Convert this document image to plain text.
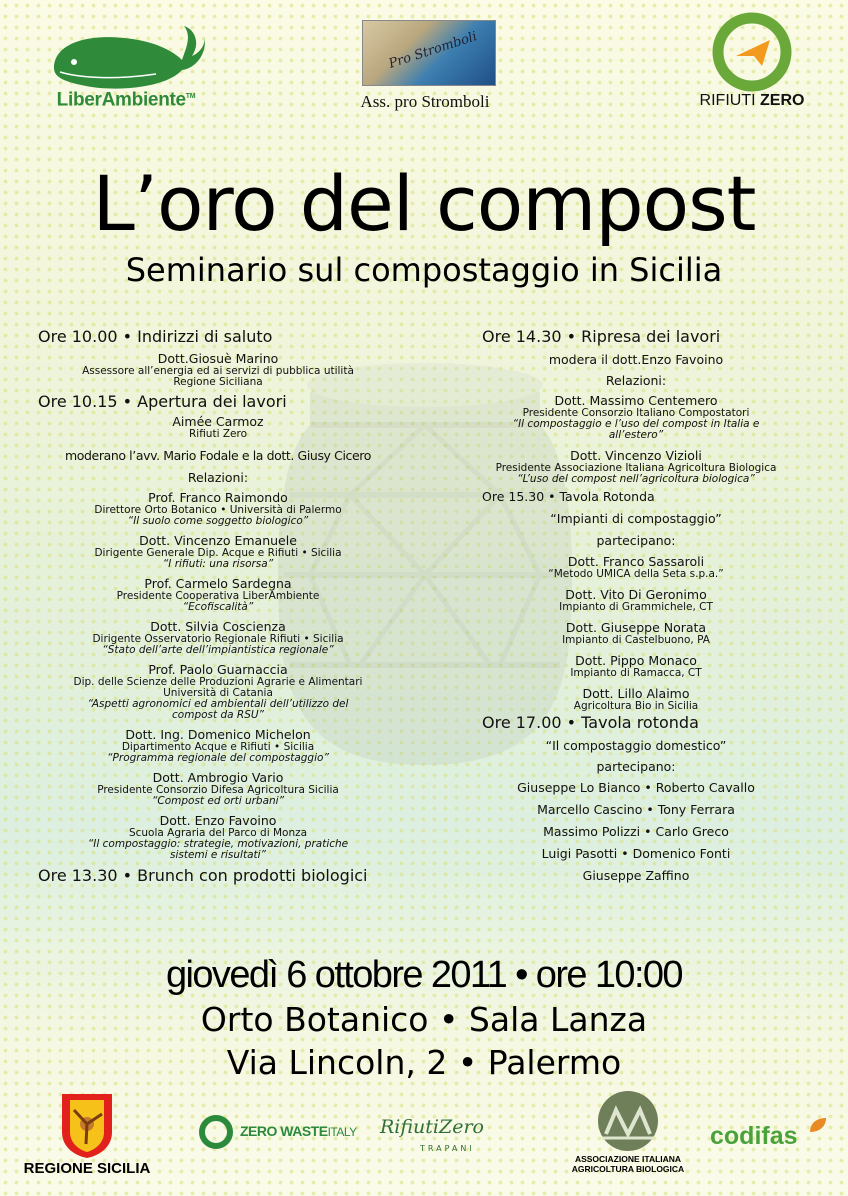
LiberAmbiente™
Pro Stromboli
Ass. pro Stromboli	RIFIUTI ZERO
L’oro del compost
Seminario sul compostaggio in Sicilia
Ore 10.00 • Indirizzi di saluto
Dott.Giosuè Marino
Assessore all’energia ed ai servizi di pubblica utilità
Regione Siciliana
Ore 10.15 • Apertura dei lavori
Aimée Carmoz
Rifiuti Zero
moderano l’avv. Mario Fodale e la dott. Giusy Cicero
Relazioni:
Prof. Franco Raimondo
Direttore Orto Botanico • Università di Palermo
“Il suolo come soggetto biologico”
Dott. Vincenzo Emanuele
Dirigente Generale Dip. Acque e Rifiuti • Sicilia
“I rifiuti: una risorsa”
Prof. Carmelo Sardegna
Presidente Cooperativa LiberAmbiente
“Ecofiscalità”
Dott. Silvia Coscienza
Dirigente Osservatorio Regionale Rifiuti • Sicilia
“Stato dell’arte dell’impiantistica regionale”
Prof. Paolo Guarnaccia
Dip. delle Scienze delle Produzioni Agrarie e Alimentari
Università di Catania
“Aspetti agronomici ed ambientali dell’utilizzo del
compost da RSU”
Dott. Ing. Domenico Michelon
Dipartimento Acque e Rifiuti • Sicilia
“Programma regionale del compostaggio”
Dott. Ambrogio Vario
Presidente Consorzio Difesa Agricoltura Sicilia
“Compost ed orti urbani”
Dott. Enzo Favoino
Scuola Agraria del Parco di Monza
“Il compostaggio: strategie, motivazioni, pratiche
sistemi e risultati”
Ore 13.30 • Brunch con prodotti biologici
Ore 14.30 • Ripresa dei lavori
modera il dott.Enzo Favoino
Relazioni:
Dott. Massimo Centemero
Presidente Consorzio Italiano Compostatori
“Il compostaggio e l’uso del compost in Italia e
all’estero”
Dott. Vincenzo Vizioli
Presidente Associazione Italiana Agricoltura Biologica
“L’uso del compost nell’agricoltura biologica”
Ore 15.30 • Tavola Rotonda
“Impianti di compostaggio”
partecipano:
Dott. Franco Sassaroli
“Metodo UMICA della Seta s.p.a.”
Dott. Vito Di Geronimo
Impianto di Grammichele, CT
Dott. Giuseppe Norata
Impianto di Castelbuono, PA
Dott. Pippo Monaco
Impianto di Ramacca, CT
Dott. Lillo Alaimo
Agricoltura Bio in Sicilia
Ore 17.00 • Tavola rotonda
“Il compostaggio domestico”
partecipano:
Giuseppe Lo Bianco • Roberto Cavallo
Marcello Cascino • Tony Ferrara
Massimo Polizzi • Carlo Greco
Luigi Pasotti • Domenico Fonti
Giuseppe Zaffino
giovedì 6 ottobre 2011 • ore 10:00
Orto Botanico • Sala Lanza
Via Lincoln, 2 • Palermo
REGIONE SICILIA
ZERO WASTEITALY RifiutiZero
TRAPANI
ASSOCIAZIONE ITALIANA
AGRICOLTURA BIOLOGICA
codifas
